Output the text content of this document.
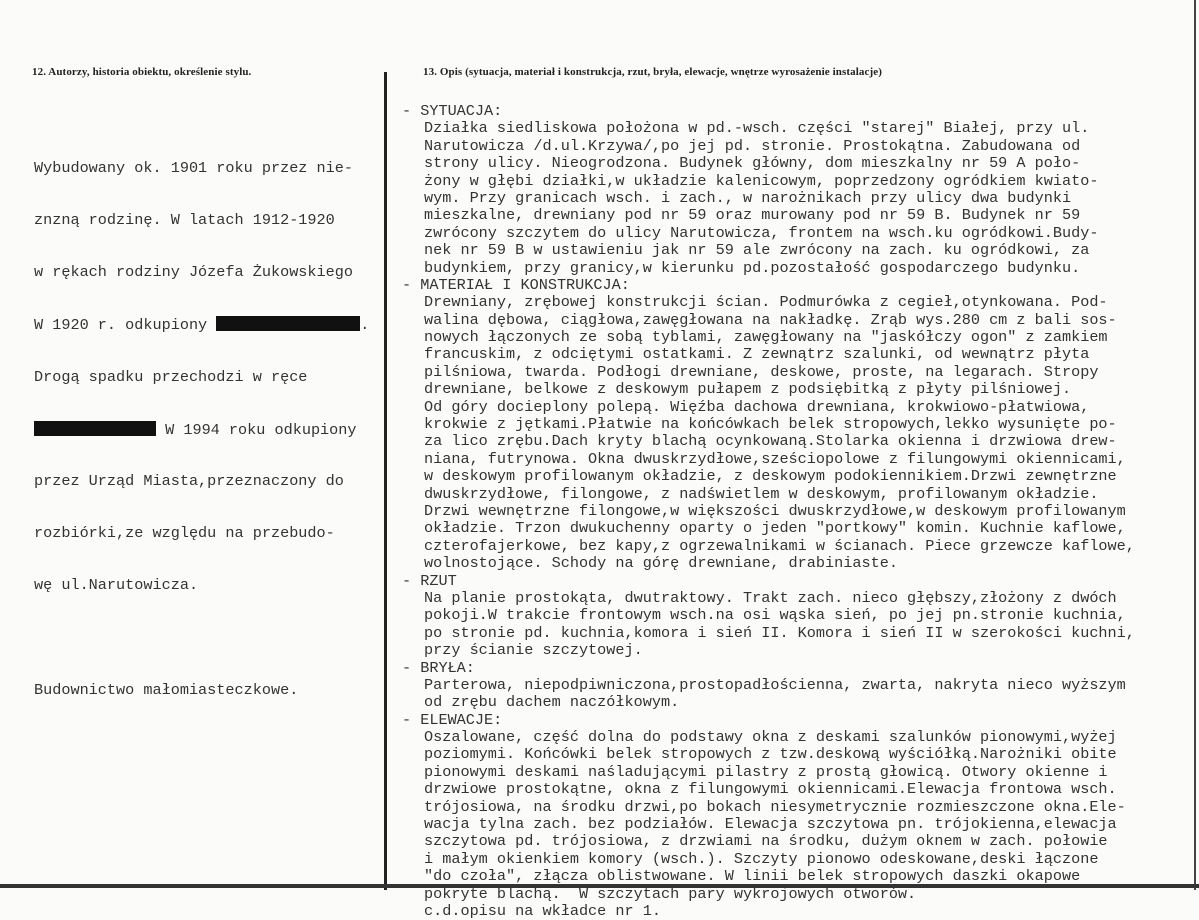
12. Autorzy, historia obiektu, określenie stylu.	13. Opis (sytuacja, materiał i konstrukcja, rzut, bryła, elewacje, wnętrze wyrosażenie instalacje)

Wybudowany ok. 1901 roku przez nie-

znzną rodzinę. W latach 1912-1920

w rękach rodziny Józefa Żukowskiego

W 1920 r. odkupiony	.

Drogą spadku przechodzi w ręce

W 1994 roku odkupiony

przez Urząd Miasta,przeznaczony do

rozbiórki,ze względu na przebudo-

wę ul.Narutowicza.

Budownictwo małomiasteczkowe.

- SYTUACJA:
Działka siedliskowa położona w pd.-wsch. części "starej" Białej, przy ul.
Narutowicza /d.ul.Krzywa/,po jej pd. stronie. Prostokątna. Zabudowana od
strony ulicy. Nieogrodzona. Budynek główny, dom mieszkalny nr 59 A poło-
żony w głębi działki,w układzie kalenicowym, poprzedzony ogródkiem kwiato-
wym. Przy granicach wsch. i zach., w narożnikach przy ulicy dwa budynki
mieszkalne, drewniany pod nr 59 oraz murowany pod nr 59 B. Budynek nr 59
zwrócony szczytem do ulicy Narutowicza, frontem na wsch.ku ogródkowi.Budy-
nek nr 59 B w ustawieniu jak nr 59 ale zwrócony na zach. ku ogródkowi, za
budynkiem, przy granicy,w kierunku pd.pozostałość gospodarczego budynku.
- MATERIAŁ I KONSTRUKCJA:
Drewniany, zrębowej konstrukcji ścian. Podmurówka z cegieł,otynkowana. Pod-
walina dębowa, ciągłowa,zawęgłowana na nakładkę. Zrąb wys.280 cm z bali sos-
nowych łączonych ze sobą tyblami, zawęgłowany na "jaskółczy ogon" z zamkiem
francuskim, z odciętymi ostatkami. Z zewnątrz szalunki, od wewnątrz płyta
pilśniowa, twarda. Podłogi drewniane, deskowe, proste, na legarach. Stropy
drewniane, belkowe z deskowym pułapem z podsiębitką z płyty pilśniowej.
Od góry docieplony polepą. Więźba dachowa drewniana, krokwiowo-płatwiowa,
krokwie z jętkami.Płatwie na końcówkach belek stropowych,lekko wysunięte po-
za lico zrębu.Dach kryty blachą ocynkowaną.Stolarka okienna i drzwiowa drew-
niana, futrynowa. Okna dwuskrzydłowe,sześciopolowe z filungowymi okiennicami,
w deskowym profilowanym okładzie, z deskowym podokiennikiem.Drzwi zewnętrzne
dwuskrzydłowe, filongowe, z nadświetlem w deskowym, profilowanym okładzie.
Drzwi wewnętrzne filongowe,w większości dwuskrzydłowe,w deskowym profilowanym
okładzie. Trzon dwukuchenny oparty o jeden "portkowy" komin. Kuchnie kaflowe,
czterofajerkowe, bez kapy,z ogrzewalnikami w ścianach. Piece grzewcze kaflowe,
wolnostojące. Schody na górę drewniane, drabiniaste.
- RZUT
Na planie prostokąta, dwutraktowy. Trakt zach. nieco głębszy,złożony z dwóch
pokoji.W trakcie frontowym wsch.na osi wąska sień, po jej pn.stronie kuchnia,
po stronie pd. kuchnia,komora i sień II. Komora i sień II w szerokości kuchni,
przy ścianie szczytowej.
- BRYŁA:
Parterowa, niepodpiwniczona,prostopadłościenna, zwarta, nakryta nieco wyższym
od zrębu dachem naczółkowym.
- ELEWACJE:
Oszalowane, część dolna do podstawy okna z deskami szalunków pionowymi,wyżej
poziomymi. Końcówki belek stropowych z tzw.deskową wyściółką.Narożniki obite
pionowymi deskami naśladującymi pilastry z prostą głowicą. Otwory okienne i
drzwiowe prostokątne, okna z filungowymi okiennicami.Elewacja frontowa wsch.
trójosiowa, na środku drzwi,po bokach niesymetrycznie rozmieszczone okna.Ele-
wacja tylna zach. bez podziałów. Elewacja szczytowa pn. trójokienna,elewacja
szczytowa pd. trójosiowa, z drzwiami na środku, dużym oknem w zach. połowie
i małym okienkiem komory (wsch.). Szczyty pionowo odeskowane,deski łączone
"do czoła", złącza oblistwowane. W linii belek stropowych daszki okapowe
pokryte blachą.  W szczytach pary wykrojowych otworów.
c.d.opisu na wkładce nr 1.
